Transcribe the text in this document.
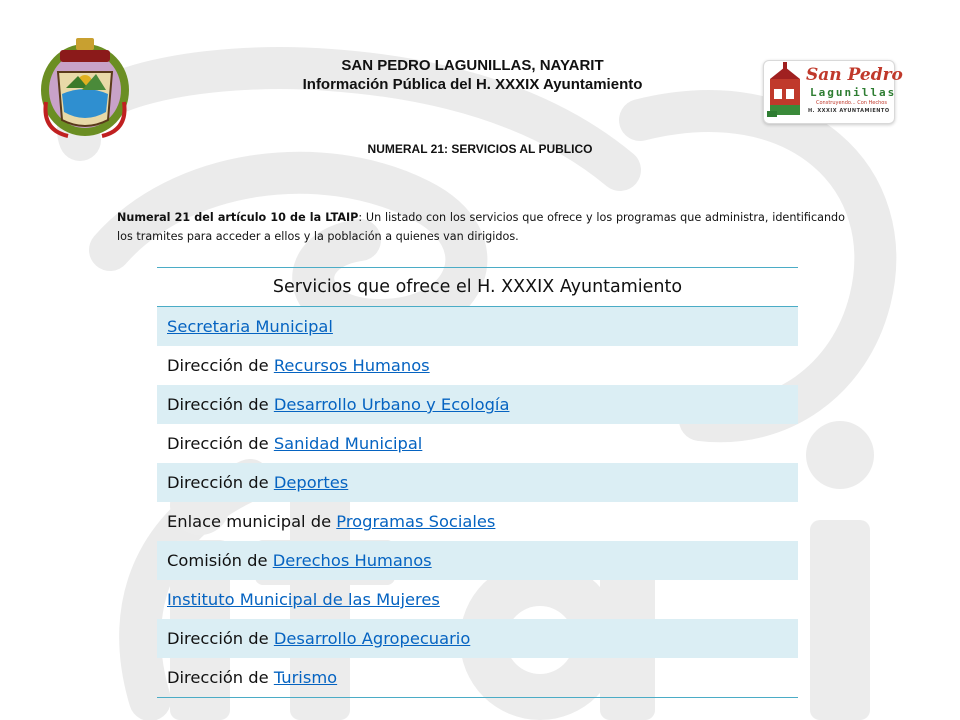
SAN PEDRO LAGUNILLAS, NAYARIT
Información Pública del H. XXXIX Ayuntamiento	San Pedro
Lagunillas
Construyendo... Con Hechos
H. XXXIX AYUNTAMIENTO
NUMERAL 21: SERVICIOS AL PUBLICO
Numeral 21 del artículo 10 de la LTAIP: Un listado con los servicios que ofrece y los programas que administra, identificando los tramites para acceder a ellos y la población a quienes van dirigidos.
Servicios que ofrece el H. XXXIX Ayuntamiento
Secretaria Municipal
Dirección de Recursos Humanos
Dirección de Desarrollo Urbano y Ecología
Dirección de Sanidad Municipal
Dirección de Deportes
Enlace municipal de Programas Sociales
Comisión de Derechos Humanos
Instituto Municipal de las Mujeres
Dirección de Desarrollo Agropecuario
Dirección de Turismo
